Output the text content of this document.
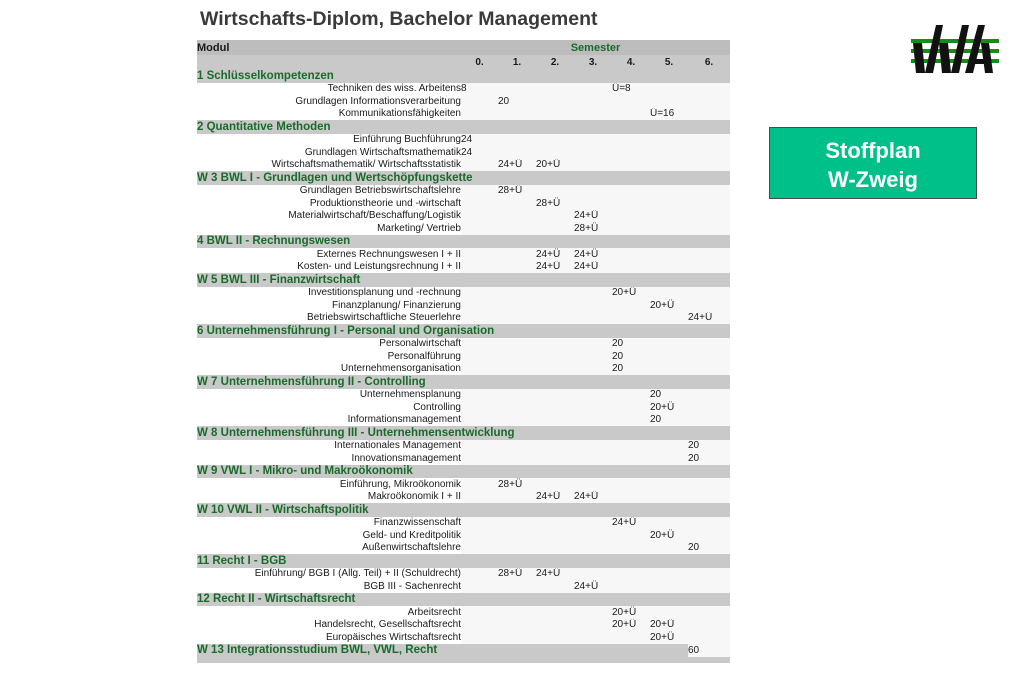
Wirtschafts-Diplom, Bachelor Management
Stoffplan
W-Zweig
Modul	Semester						
	0.	1.	2.	3.	4.	5.	6.
1 Schlüsselkompetenzen							
Techniken des wiss. Arbeitens	8				Ü=8		
Grundlagen Informationsverarbeitung		20					
Kommunikationsfähigkeiten						Ü=16	
2 Quantitative Methoden							
Einführung Buchführung	24						
Grundlagen Wirtschaftsmathematik	24						
Wirtschaftsmathematik/ Wirtschaftsstatistik		24+Ü	20+Ü				
W 3 BWL I - Grundlagen und Wertschöpfungskette							
Grundlagen Betriebswirtschaftslehre		28+Ü					
Produktionstheorie und -wirtschaft			28+Ü				
Materialwirtschaft/Beschaffung/Logistik				24+Ü			
Marketing/ Vertrieb				28+Ü			
4 BWL II - Rechnungswesen							
Externes Rechnungswesen I + II			24+Ü	24+Ü			
Kosten- und Leistungsrechnung I + II			24+Ü	24+Ü			
W 5 BWL III - Finanzwirtschaft							
Investitionsplanung und -rechnung					20+Ü		
Finanzplanung/ Finanzierung						20+Ü	
Betriebswirtschaftliche Steuerlehre							24+Ü
6 Unternehmensführung I - Personal und Organisation							
Personalwirtschaft					20		
Personalführung					20		
Unternehmensorganisation					20		
W 7 Unternehmensführung II - Controlling							
Unternehmensplanung						20	
Controlling						20+Ü	
Informationsmanagement						20	
W 8 Unternehmensführung III - Unternehmensentwicklung							
Internationales Management							20
Innovationsmanagement							20
W 9 VWL I - Mikro- und Makroökonomik							
Einführung, Mikroökonomik		28+Ü					
Makroökonomik I + II			24+Ü	24+Ü			
W 10 VWL II - Wirtschaftspolitik							
Finanzwissenschaft					24+Ü		
Geld- und Kreditpolitik						20+Ü	
Außenwirtschaftslehre							20
11 Recht I - BGB							
Einführung/ BGB I (Allg. Teil) + II (Schuldrecht)		28+Ü	24+Ü				
BGB III - Sachenrecht				24+Ü			
12 Recht II - Wirtschaftsrecht							
Arbeitsrecht					20+Ü		
Handelsrecht, Gesellschaftsrecht					20+Ü	20+Ü	
Europäisches Wirtschaftsrecht						20+Ü	
W 13 Integrationsstudium BWL, VWL, Recht							60
